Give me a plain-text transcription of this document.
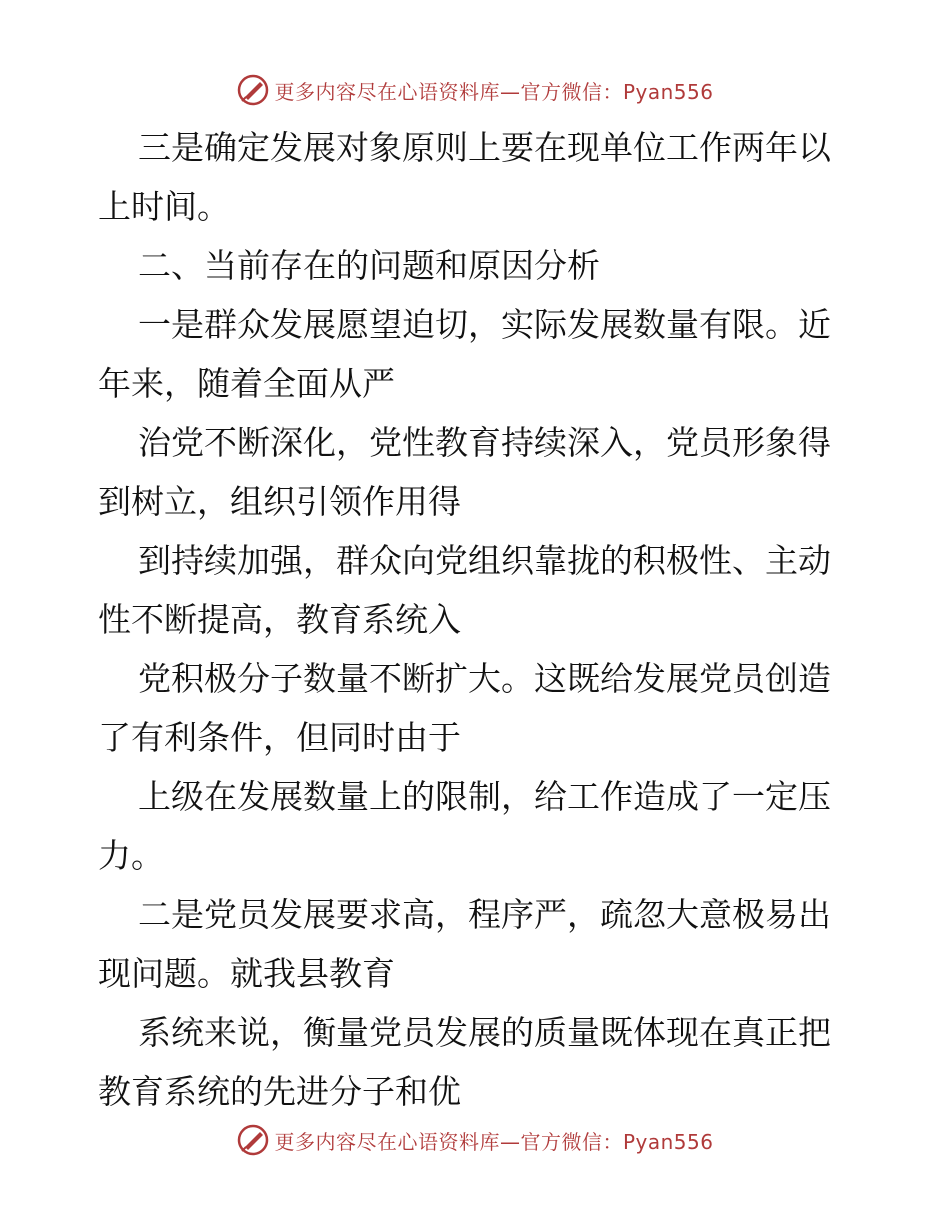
更多内容尽在心语资料库—官方微信：Pyan556

三是确定发展对象原则上要在现单位工作两年以上时间。

二、当前存在的问题和原因分析

一是群众发展愿望迫切，实际发展数量有限。近年来，随着全面从严

治党不断深化，党性教育持续深入，党员形象得到树立，组织引领作用得

到持续加强，群众向党组织靠拢的积极性、主动性不断提高，教育系统入

党积极分子数量不断扩大。这既给发展党员创造了有利条件，但同时由于

上级在发展数量上的限制，给工作造成了一定压力。

二是党员发展要求高，程序严，疏忽大意极易出现问题。就我县教育

系统来说，衡量党员发展的质量既体现在真正把教育系统的先进分子和优

更多内容尽在心语资料库—官方微信：Pyan556
